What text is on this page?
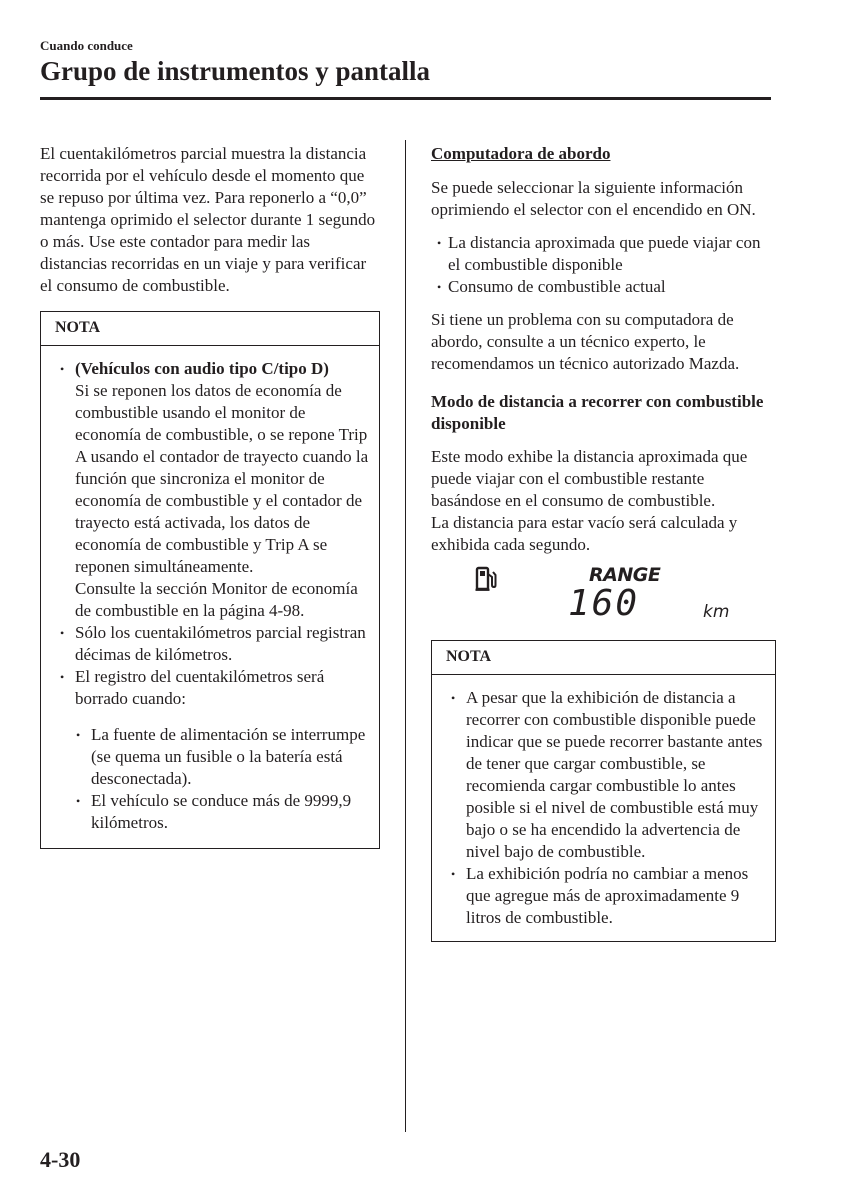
Cuando conduce
Grupo de instrumentos y pantalla

El cuentakilómetros parcial muestra la distancia recorrida por el vehículo desde el momento que se repuso por última vez. Para reponerlo a “0,0” mantenga oprimido el selector durante 1 segundo o más. Use este contador para medir las distancias recorridas en un viaje y para verificar el consumo de combustible.

NOTA
• (Vehículos con audio tipo C/tipo D)
Si se reponen los datos de economía de combustible usando el monitor de economía de combustible, o se repone Trip A usando el contador de trayecto cuando la función que sincroniza el monitor de economía de combustible y el contador de trayecto está activada, los datos de economía de combustible y Trip A se reponen simultáneamente.
Consulte la sección Monitor de economía de combustible en la página 4-98.
• Sólo los cuentakilómetros parcial registran décimas de kilómetros.
• El registro del cuentakilómetros será borrado cuando:
• La fuente de alimentación se interrumpe (se quema un fusible o la batería está desconectada).
• El vehículo se conduce más de 9999,9 kilómetros.

Computadora de abordo

Se puede seleccionar la siguiente información oprimiendo el selector con el encendido en ON.

• La distancia aproximada que puede viajar con el combustible disponible
• Consumo de combustible actual

Si tiene un problema con su computadora de abordo, consulte a un técnico experto, le recomendamos un técnico autorizado Mazda.

Modo de distancia a recorrer con combustible disponible

Este modo exhibe la distancia aproximada que puede viajar con el combustible restante basándose en el consumo de combustible.

La distancia para estar vacío será calculada y exhibida cada segundo.

RANGE
160	km
NOTA
• A pesar que la exhibición de distancia a recorrer con combustible disponible puede indicar que se puede recorrer bastante antes de tener que cargar combustible, se recomienda cargar combustible lo antes posible si el nivel de combustible está muy bajo o se ha encendido la advertencia de nivel bajo de combustible.
• La exhibición podría no cambiar a menos que agregue más de aproximadamente 9 litros de combustible.
4-30
